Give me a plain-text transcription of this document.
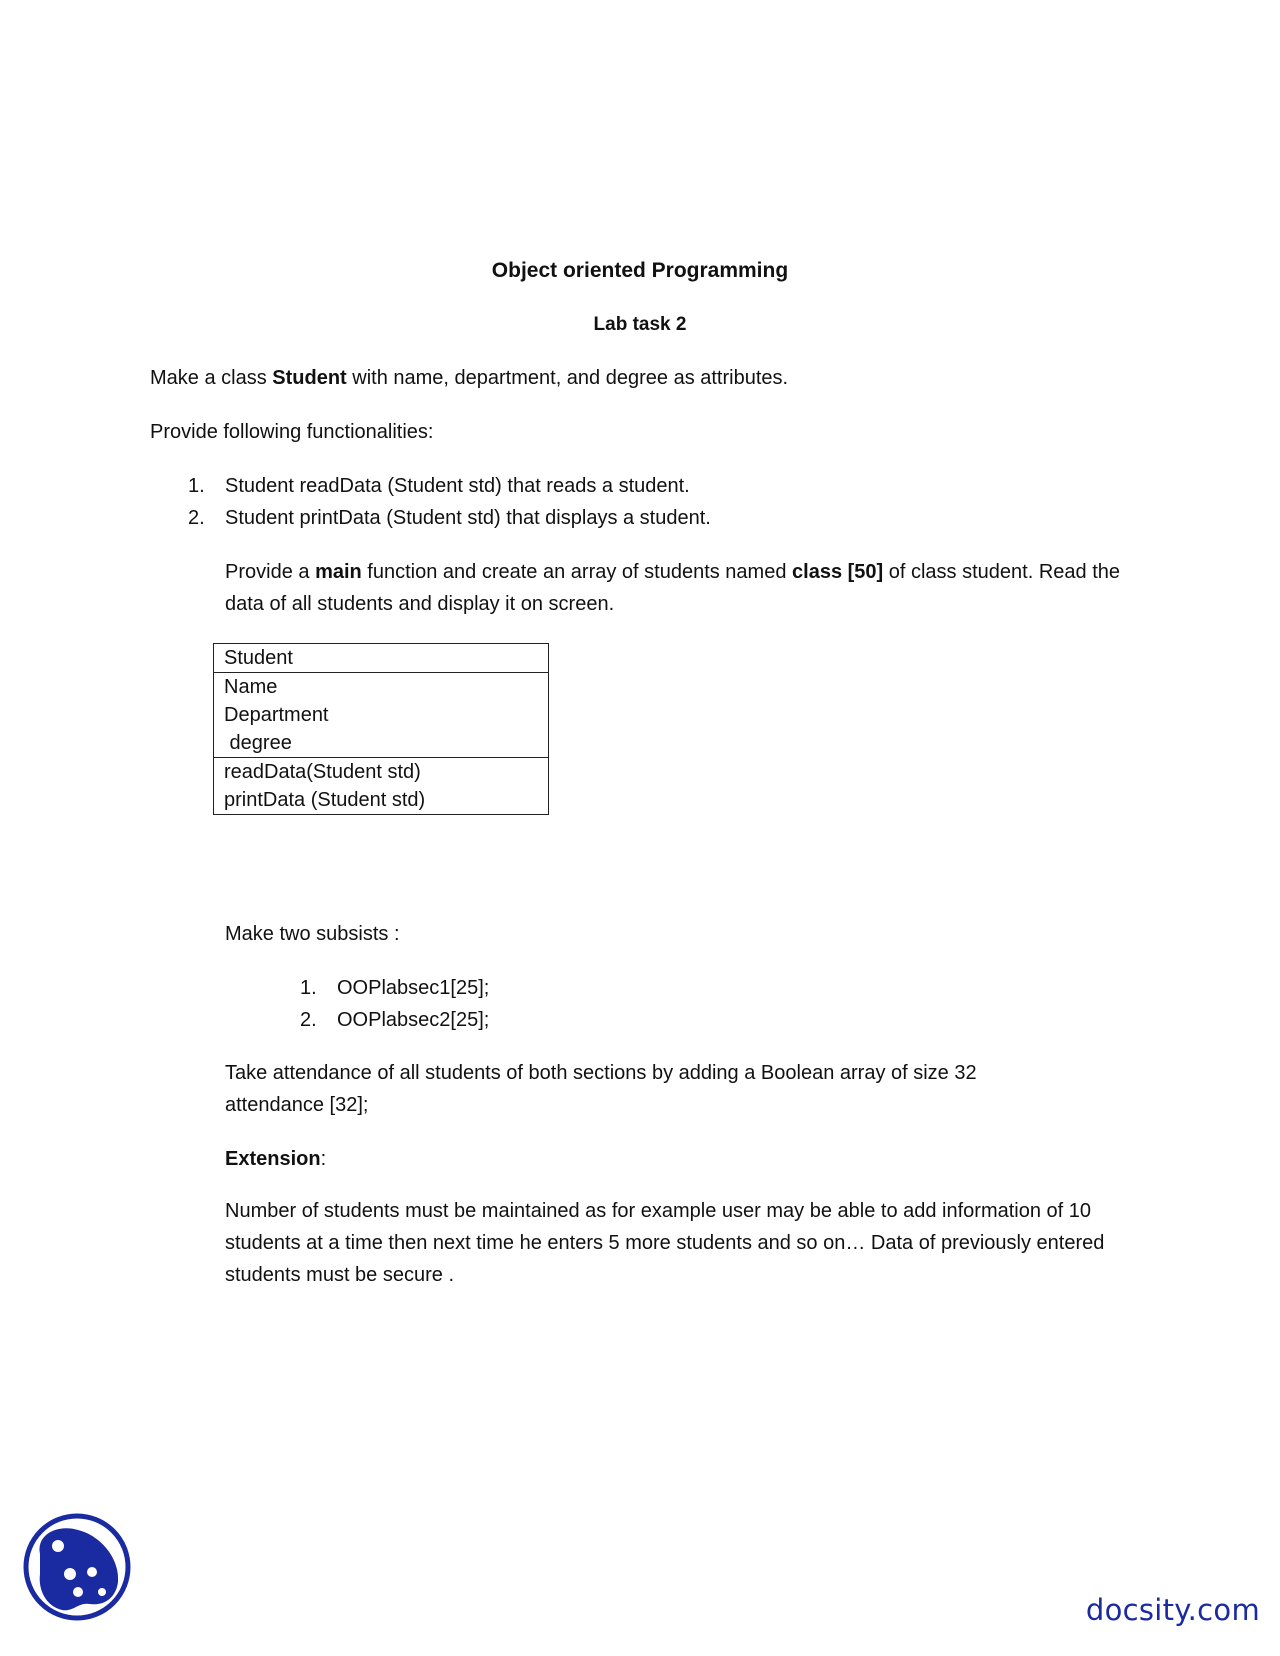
Object oriented Programming
Lab task 2

Make a class Student with name, department, and degree as attributes.

Provide following functionalities:

1. Student readData (Student std) that reads a student.
2. Student printData (Student std) that displays a student.

Provide a main function and create an array of students named class [50] of class student. Read the data of all students and display it on screen.

Student

Name
Department
degree

readData(Student std)
printData (Student std)

Make two subsists :

1. OOPlabsec1[25];
2. OOPlabsec2[25];

Take attendance of all students of both sections by adding a Boolean array of size 32
attendance [32];

Extension:

Number of students must be maintained as for example user may be able to add information of 10 students at a time then next time he enters 5 more students and so on… Data of previously entered students must be secure .

docsity.com
